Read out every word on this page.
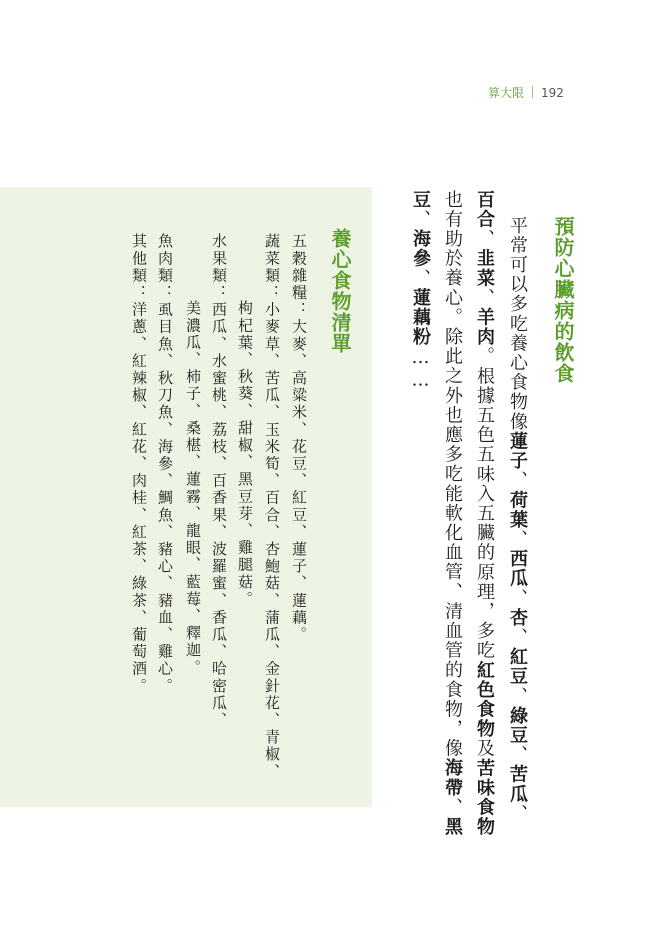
算大限 192
預防心臟病的飲食
平常可以多吃養心食物像蓮子、荷葉、西瓜、杏、紅豆、綠豆、苦瓜、
百合、韭菜、羊肉。根據五色五味入五臟的原理，多吃紅色食物及苦味食物
也有助於養心。除此之外也應多吃能軟化血管、清血管的食物，像海帶、黑
豆、海參、蓮藕粉……
養心食物清單
五穀雜糧：大麥、高粱米、花豆、紅豆、蓮子、蓮藕。
蔬菜類：小麥草、苦瓜、玉米筍、百合、杏鮑菇、蒲瓜、金針花、青椒、
枸杞葉、秋葵、甜椒、黑豆芽、雞腿菇。
水果類：西瓜、水蜜桃、荔枝、百香果、波羅蜜、香瓜、哈密瓜、
美濃瓜、柿子、桑椹、蓮霧、龍眼、藍莓、釋迦。
魚肉類：虱目魚、秋刀魚、海參、鯛魚、豬心、豬血、雞心。
其他類：洋蔥、紅辣椒、紅花、肉桂、紅茶、綠茶、葡萄酒。
